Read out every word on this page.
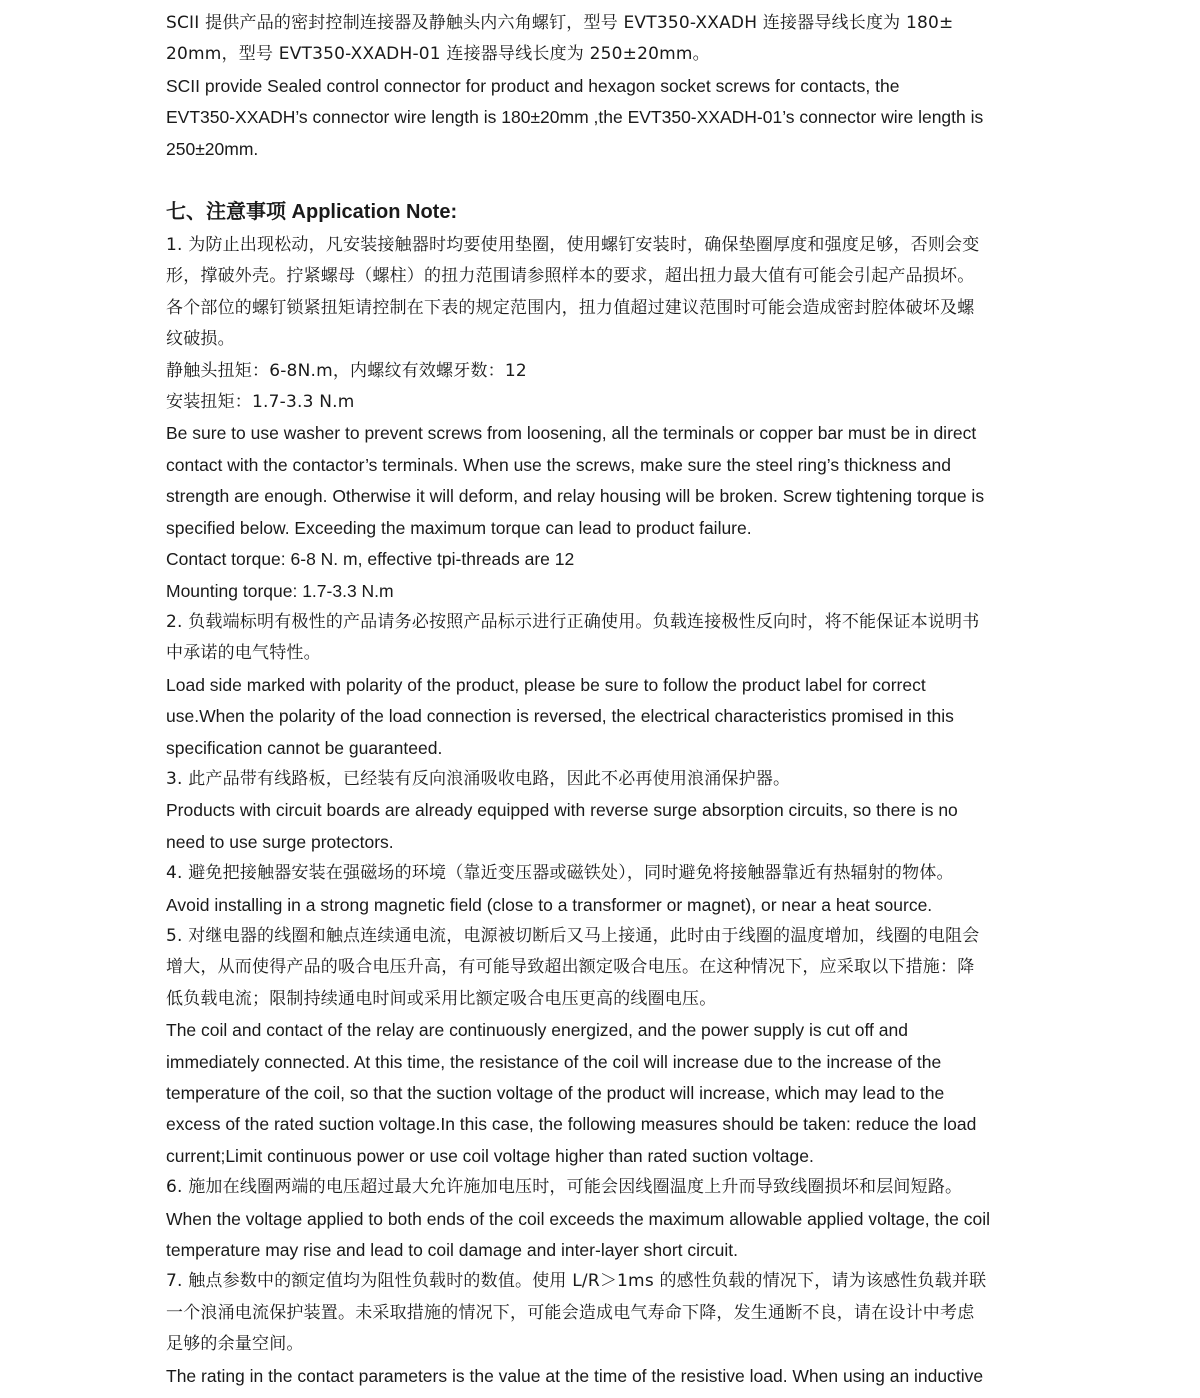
SCII 提供产品的密封控制连接器及静触头内六角螺钉，型号 EVT350-XXADH 连接器导线长度为 180±
20mm，型号 EVT350-XXADH-01 连接器导线长度为 250±20mm。
SCII provide Sealed control connector for product and hexagon socket screws for contacts, the
EVT350-XXADH’s connector wire length is 180±20mm ,the EVT350-XXADH-01’s connector wire length is
250±20mm.
七、注意事项 Application Note:
1. 为防止出现松动，凡安装接触器时均要使用垫圈，使用螺钉安装时，确保垫圈厚度和强度足够，否则会变
形，撑破外壳。拧紧螺母（螺柱）的扭力范围请参照样本的要求，超出扭力最大值有可能会引起产品损坏。
各个部位的螺钉锁紧扭矩请控制在下表的规定范围内，扭力值超过建议范围时可能会造成密封腔体破坏及螺
纹破损。
静触头扭矩：6-8N.m，内螺纹有效螺牙数：12
安装扭矩：1.7-3.3 N.m
Be sure to use washer to prevent screws from loosening, all the terminals or copper bar must be in direct
contact with the contactor’s terminals. When use the screws, make sure the steel ring’s thickness and
strength are enough. Otherwise it will deform, and relay housing will be broken. Screw tightening torque is
specified below. Exceeding the maximum torque can lead to product failure.
Contact torque: 6-8 N. m, effective tpi-threads are 12
Mounting torque: 1.7-3.3 N.m
2. 负载端标明有极性的产品请务必按照产品标示进行正确使用。负载连接极性反向时，将不能保证本说明书
中承诺的电气特性。
Load side marked with polarity of the product, please be sure to follow the product label for correct
use.When the polarity of the load connection is reversed, the electrical characteristics promised in this
specification cannot be guaranteed.
3. 此产品带有线路板，已经装有反向浪涌吸收电路，因此不必再使用浪涌保护器。
Products with circuit boards are already equipped with reverse surge absorption circuits, so there is no
need to use surge protectors.
4. 避免把接触器安装在强磁场的环境（靠近变压器或磁铁处），同时避免将接触器靠近有热辐射的物体。
Avoid installing in a strong magnetic field (close to a transformer or magnet), or near a heat source.
5. 对继电器的线圈和触点连续通电流，电源被切断后又马上接通，此时由于线圈的温度增加，线圈的电阻会
增大，从而使得产品的吸合电压升高，有可能导致超出额定吸合电压。在这种情况下，应采取以下措施：降
低负载电流；限制持续通电时间或采用比额定吸合电压更高的线圈电压。
The coil and contact of the relay are continuously energized, and the power supply is cut off and
immediately connected. At this time, the resistance of the coil will increase due to the increase of the
temperature of the coil, so that the suction voltage of the product will increase, which may lead to the
excess of the rated suction voltage.In this case, the following measures should be taken: reduce the load
current;Limit continuous power or use coil voltage higher than rated suction voltage.
6. 施加在线圈两端的电压超过最大允许施加电压时，可能会因线圈温度上升而导致线圈损坏和层间短路。
When the voltage applied to both ends of the coil exceeds the maximum allowable applied voltage, the coil
temperature may rise and lead to coil damage and inter-layer short circuit.
7. 触点参数中的额定值均为阻性负载时的数值。使用 L/R＞1ms 的感性负载的情况下，请为该感性负载并联
一个浪涌电流保护装置。未采取措施的情况下，可能会造成电气寿命下降，发生通断不良，请在设计中考虑
足够的余量空间。
The rating in the contact parameters is the value at the time of the resistive load. When using an inductive
